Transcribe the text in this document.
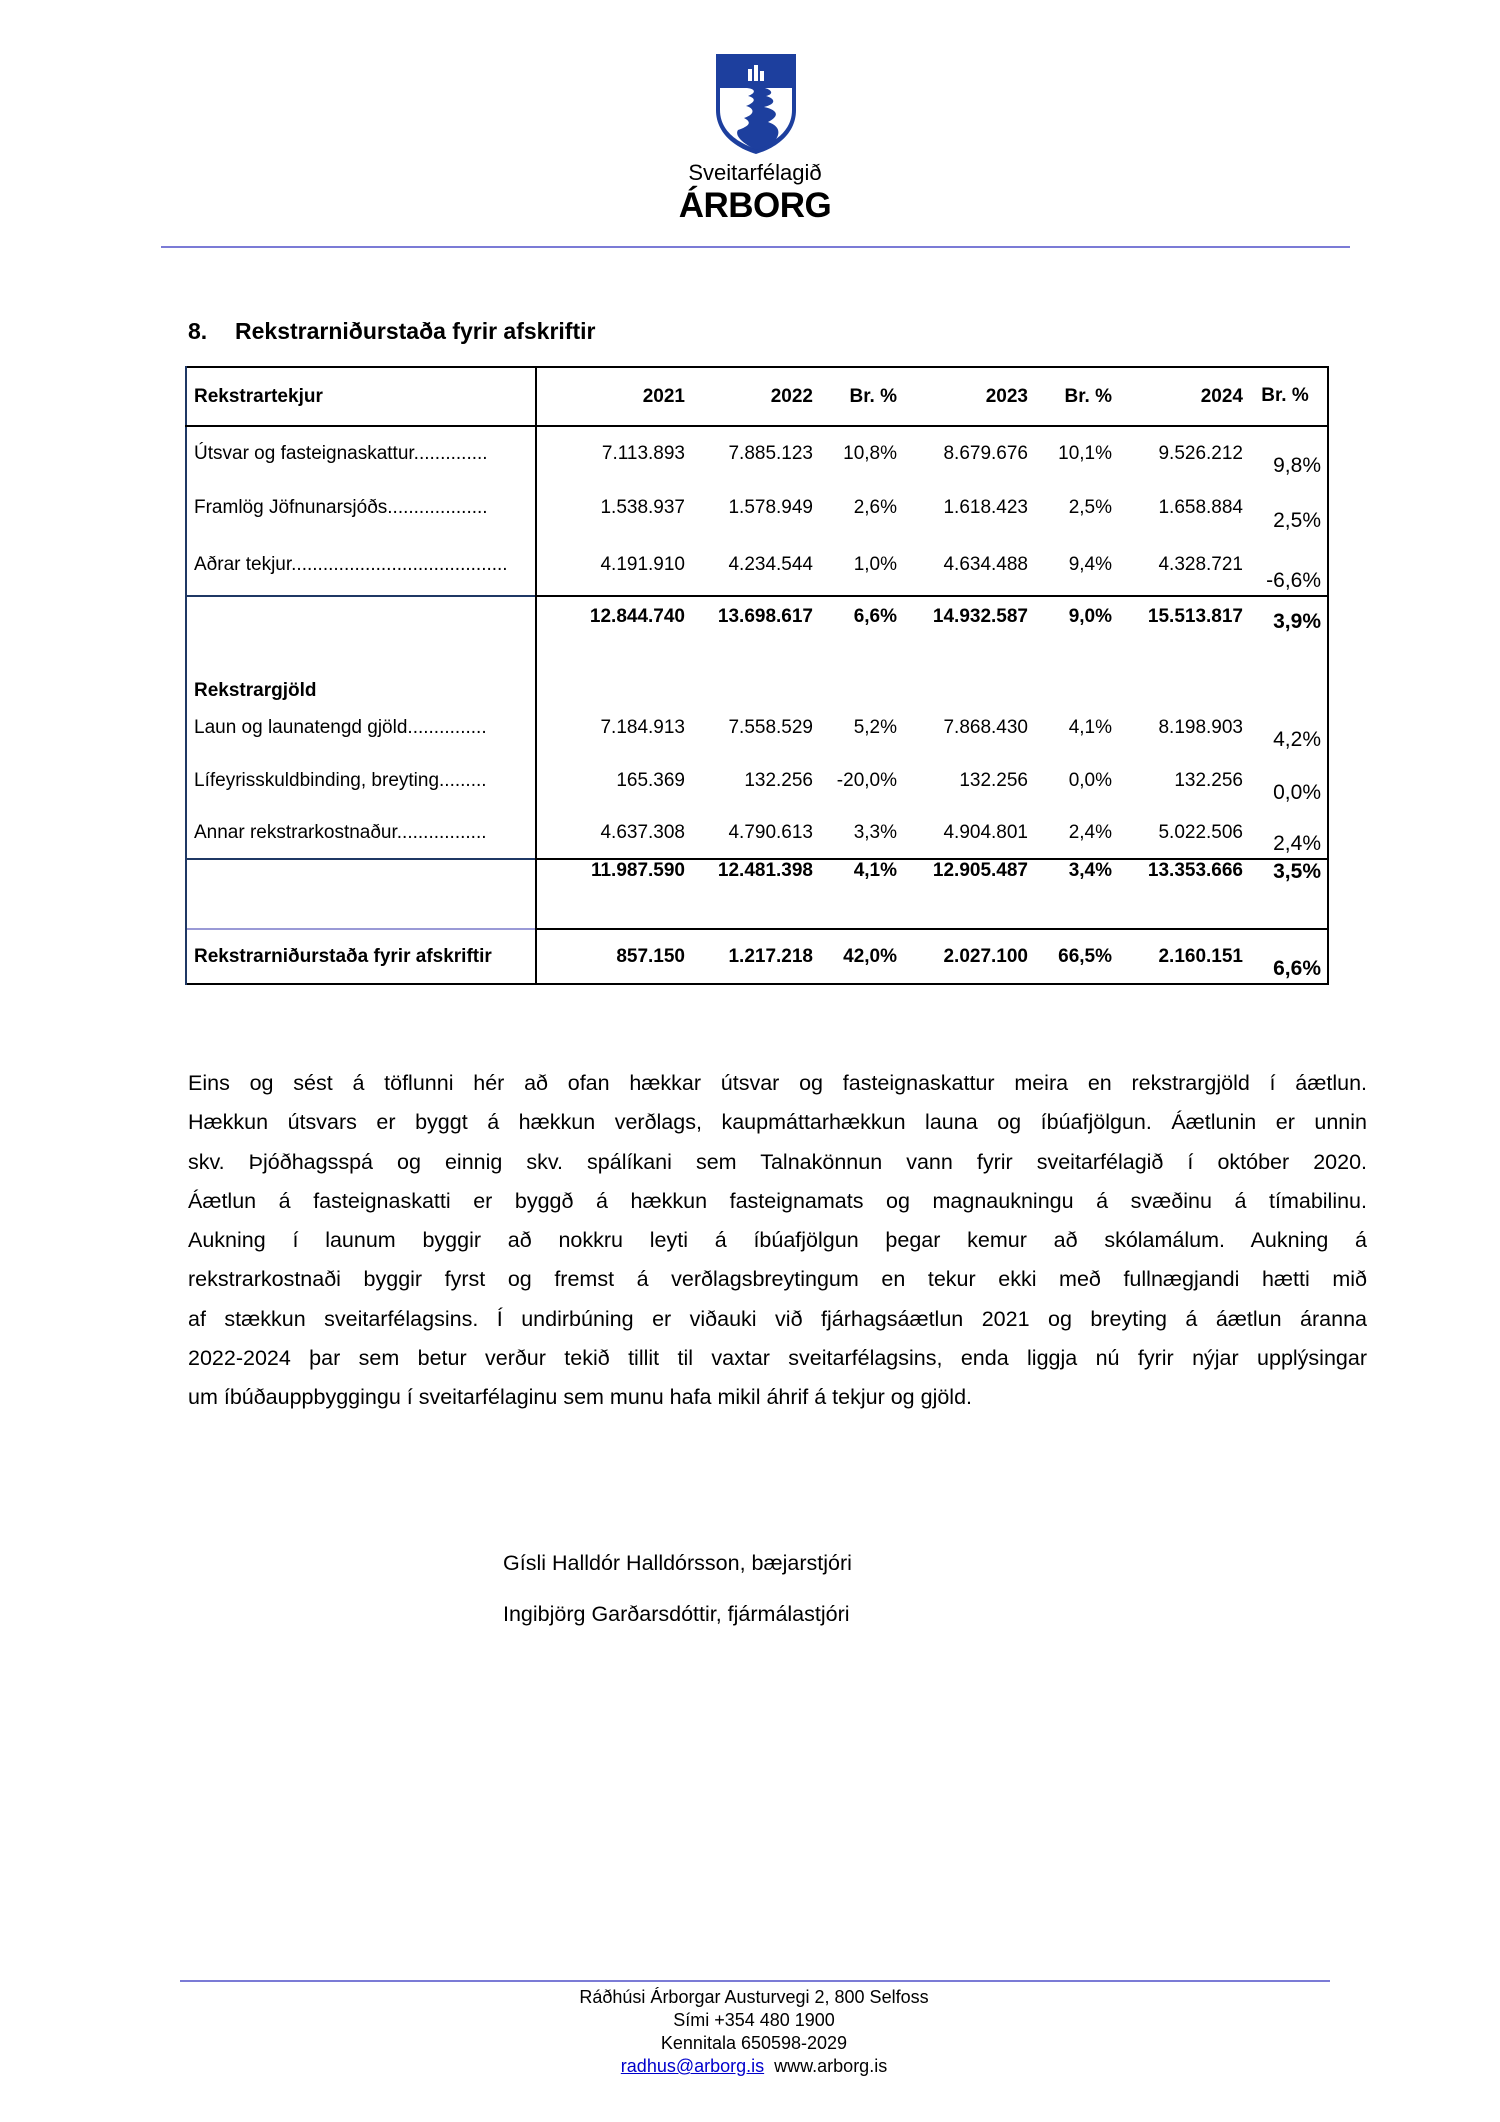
Sveitarfélagið
ÁRBORG
8. Rekstrarniðurstaða fyrir afskriftir
Rekstrartekjur	2021	2022	Br. %	2023	Br. %	2024	Br. %
Útsvar og fasteignaskattur..............	7.113.893	7.885.123	10,8%	8.679.676	10,1%	9.526.212	9,8%
Framlög Jöfnunarsjóðs...................	1.538.937	1.578.949	2,6%	1.618.423	2,5%	1.658.884	2,5%
Aðrar tekjur.........................................	4.191.910	4.234.544	1,0%	4.634.488	9,4%	4.328.721	-6,6%
	12.844.740	13.698.617	6,6%	14.932.587	9,0%	15.513.817	3,9%

Rekstrargjöld							
Laun og launatengd gjöld...............	7.184.913	7.558.529	5,2%	7.868.430	4,1%	8.198.903	4,2%
Lífeyrisskuldbinding, breyting.........	165.369	132.256	-20,0%	132.256	0,0%	132.256	0,0%
Annar rekstrarkostnaður.................	4.637.308	4.790.613	3,3%	4.904.801	2,4%	5.022.506	2,4%
	11.987.590	12.481.398	4,1%	12.905.487	3,4%	13.353.666	3,5%

Rekstrarniðurstaða fyrir afskriftir	857.150	1.217.218	42,0%	2.027.100	66,5%	2.160.151	6,6%
Eins og sést á töflunni hér að ofan hækkar útsvar og fasteignaskattur meira en rekstrargjöld í áætlun.
Hækkun útsvars er byggt á hækkun verðlags, kaupmáttarhækkun launa og íbúafjölgun. Áætlunin er unnin
skv. Þjóðhagsspá og einnig skv. spálíkani sem Talnakönnun vann fyrir sveitarfélagið í október 2020.
Áætlun á fasteignaskatti er byggð á hækkun fasteignamats og magnaukningu á svæðinu á tímabilinu.
Aukning í launum byggir að nokkru leyti á íbúafjölgun þegar kemur að skólamálum. Aukning á
rekstrarkostnaði byggir fyrst og fremst á verðlagsbreytingum en tekur ekki með fullnægjandi hætti mið
af stækkun sveitarfélagsins. Í undirbúning er viðauki við fjárhagsáætlun 2021 og breyting á áætlun áranna
2022-2024 þar sem betur verður tekið tillit til vaxtar sveitarfélagsins, enda liggja nú fyrir nýjar upplýsingar
um íbúðauppbyggingu í sveitarfélaginu sem munu hafa mikil áhrif á tekjur og gjöld.
Gísli Halldór Halldórsson, bæjarstjóri
Ingibjörg Garðarsdóttir, fjármálastjóri
Ráðhúsi Árborgar Austurvegi 2, 800 Selfoss
Sími +354 480 1900
Kennitala 650598-2029
radhus@arborg.is www.arborg.is
